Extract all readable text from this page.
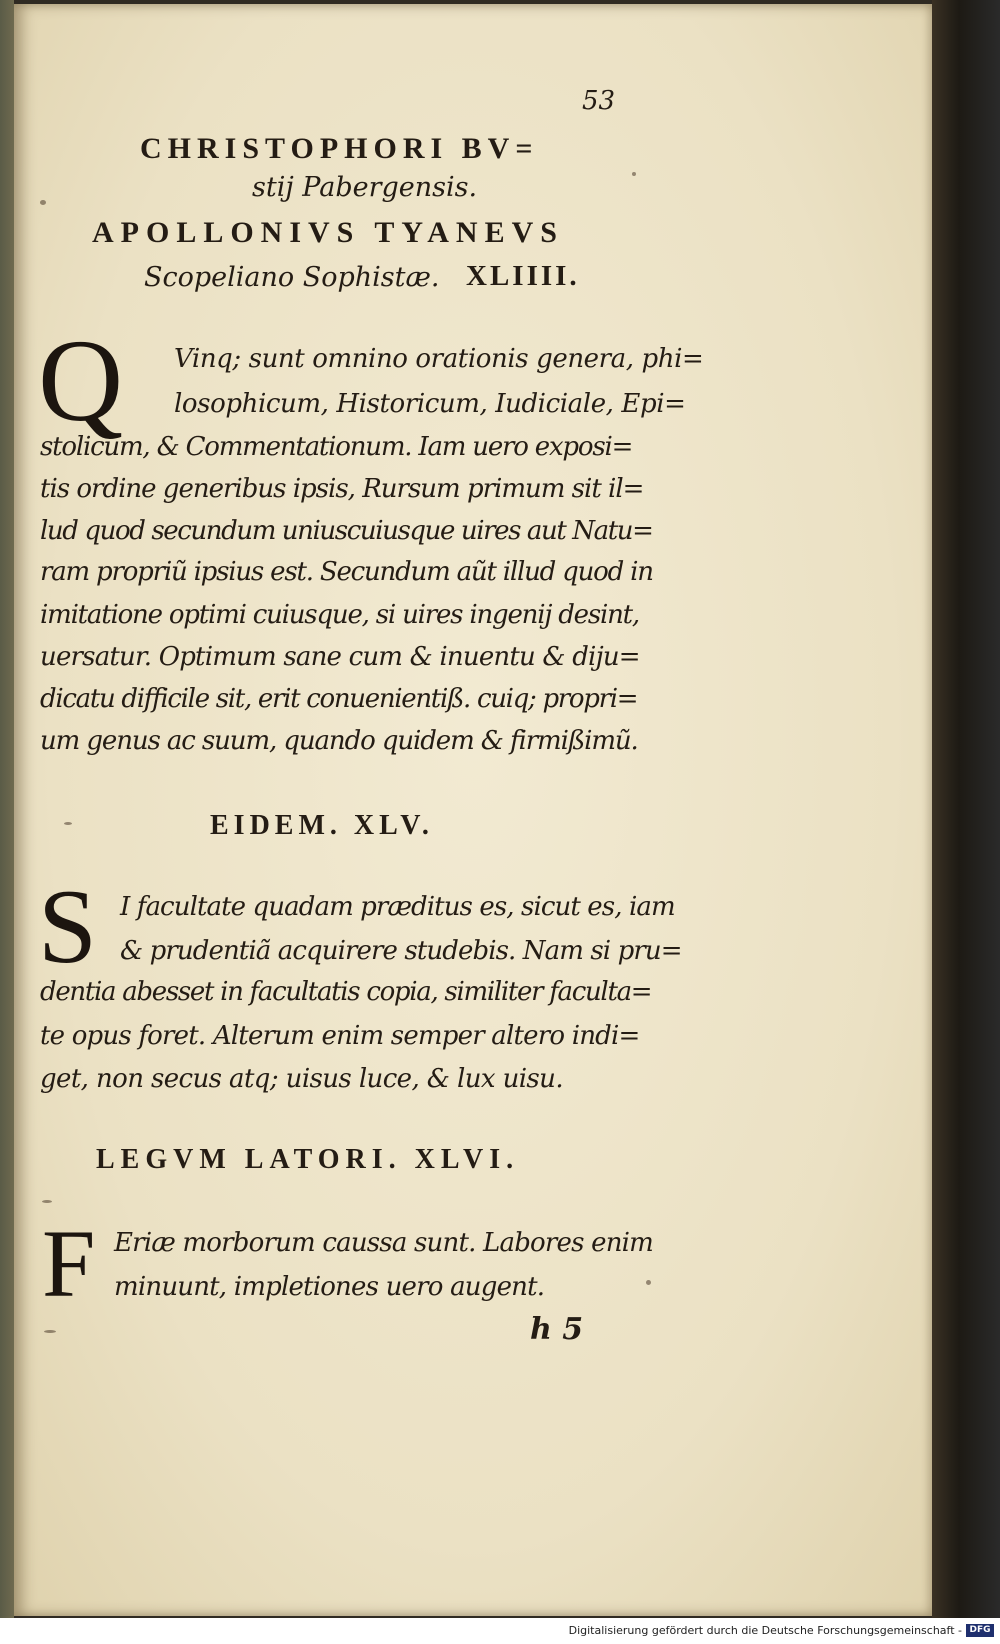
53
CHRISTOPHORI BV=
stij Pabergensis.
APOLLONIVS TYANEVS
Scopeliano Sophistæ. XLIIII.
Q Vinq; sunt omnino orationis genera, phi=
losophicum, Historicum, Iudiciale, Epi=
stolicum, & Commentationum. Iam uero exposi=
tis ordine generibus ipsis, Rursum primum sit il=
lud quod secundum uniuscuiusque uires aut Natu=
ram propriũ ipsius est. Secundum aũt illud quod in
imitatione optimi cuiusque, si uires ingenij desint,
uersatur. Optimum sane cum & inuentu & diju=
dicatu difficile sit, erit conuenientiß. cuiq; propri=
um genus ac suum, quando quidem & firmißimũ.
EIDEM. XLV.
S I facultate quadam præditus es, sicut es, iam
& prudentiã acquirere studebis. Nam si pru=
dentia abesset in facultatis copia, similiter faculta=
te opus foret. Alterum enim semper altero indi=
get, non secus atq; uisus luce, & lux uisu.
LEGVM LATORI. XLVI.
F Eriæ morborum caussa sunt. Labores enim
minuunt, impletiones uero augent.
h 5
Digitalisierung gefördert durch die Deutsche Forschungsgemeinschaft - DFG
